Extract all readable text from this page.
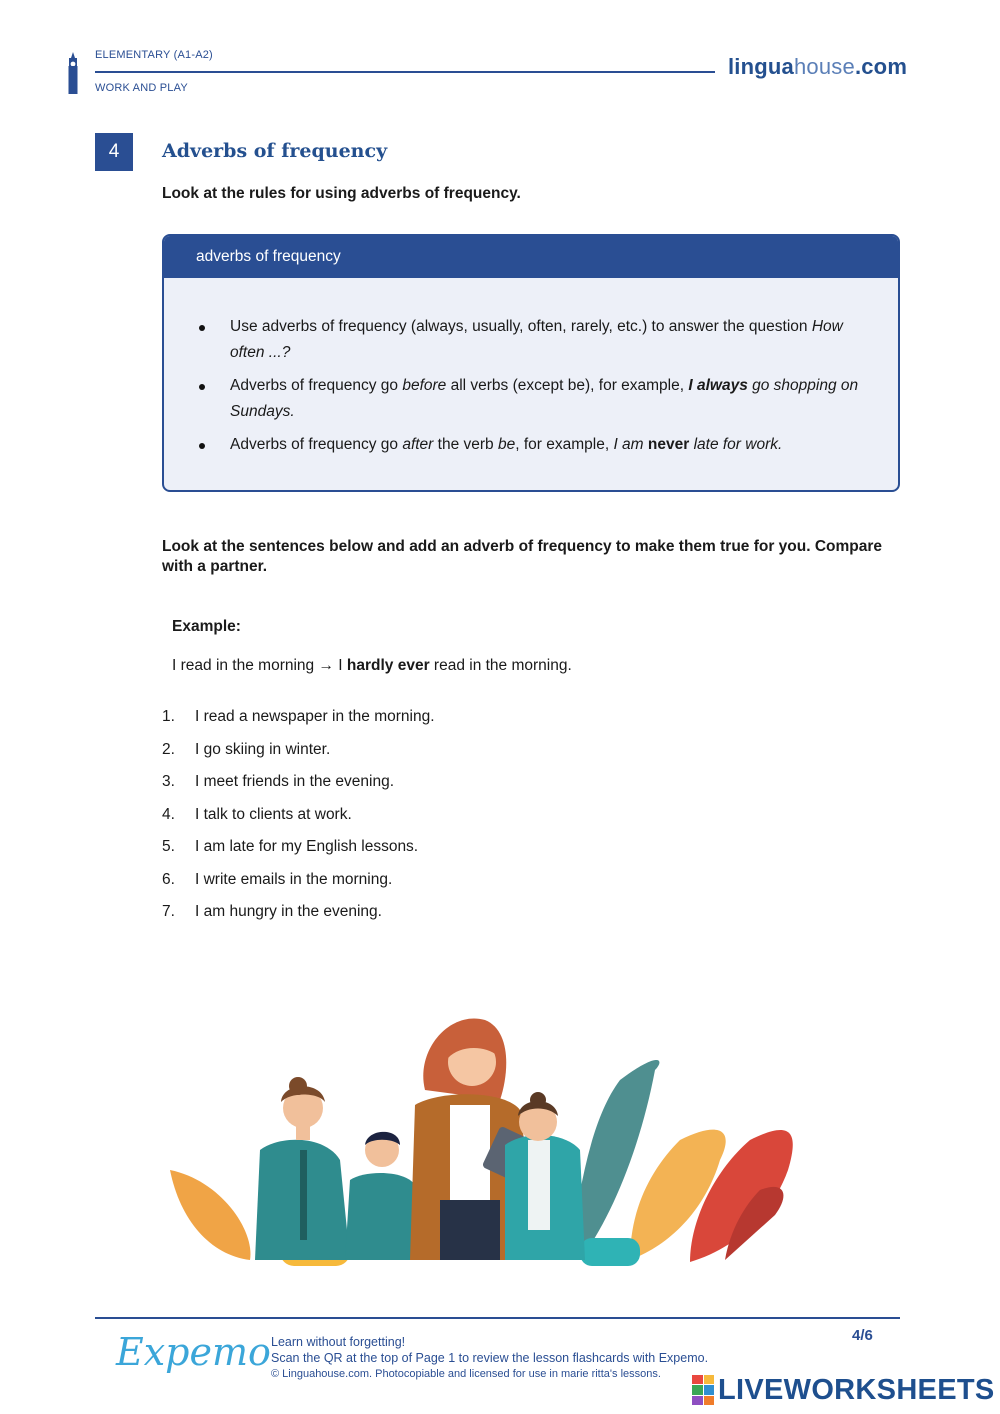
ELEMENTARY (A1-A2)
WORK AND PLAY
linguahouse.com
4	Adverbs of frequency
Look at the rules for using adverbs of frequency.
adverbs of frequency
Use adverbs of frequency (always, usually, often, rarely, etc.) to answer the question How often ...?
Adverbs of frequency go before all verbs (except be), for example, I always go shopping on Sundays.
Adverbs of frequency go after the verb be, for example, I am never late for work.
Look at the sentences below and add an adverb of frequency to make them true for you. Compare with a partner.
Example:
I read in the morning → I hardly ever read in the morning.
1. I read a newspaper in the morning.
2. I go skiing in winter.
3. I meet friends in the evening.
4. I talk to clients at work.
5. I am late for my English lessons.
6. I write emails in the morning.
7. I am hungry in the evening.
Expemo Learn without forgetting!
Scan the QR at the top of Page 1 to review the lesson flashcards with Expemo.
© Linguahouse.com. Photocopiable and licensed for use in marie ritta's lessons.
4/6
LIVEWORKSHEETS
